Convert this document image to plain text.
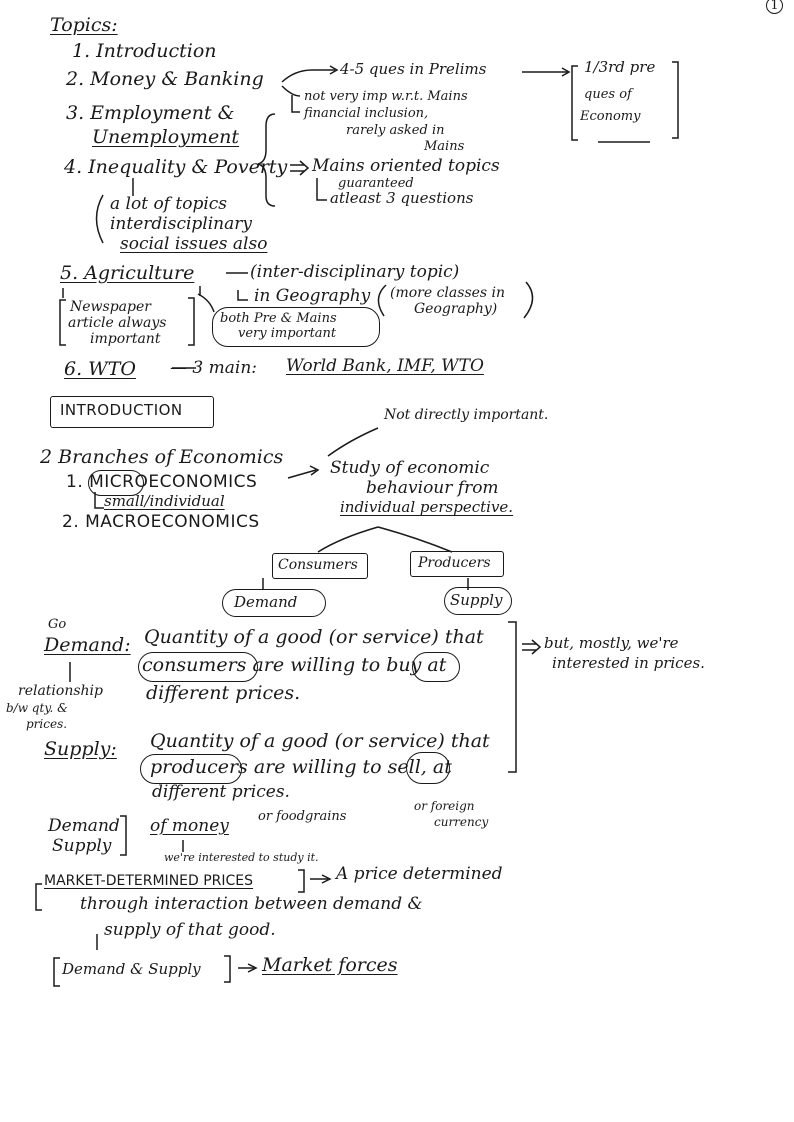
1
Topics:
1. Introduction
2. Money & Banking
3. Employment &
Unemployment
4. Inequality & Poverty
5. Agriculture
6. WTO
4-5 ques in Prelims	1/3rd pre
ques of
Economy
not very imp w.r.t. Mains
financial inclusion,
rarely asked in
Mains
Mains oriented topics
guaranteed
atleast 3 questions
a lot of topics
interdisciplinary
social issues also
(inter-disciplinary topic)
in Geography (more classes in
Geography)
both Pre & Mains
very important
Newspaper
article always
important
— 3 main: World Bank, IMF, WTO
INTRODUCTION	Not directly important.
2 Branches of Economics
1. MICROECONOMICS
small/individual
2. MACROECONOMICS
Study of economic
behaviour from
individual perspective.
Consumers	Producers
Demand	Supply
Go
Demand: Quantity of a good (or service) that
consumers are willing to buy at
different prices.
relationship
b/w qty. &
prices.
but, mostly, we're
interested in prices.
Supply: Quantity of a good (or service) that
producers are willing to sell, at
different prices.
Demand
Supply
of money or foodgrains
or foreign
currency
we're interested to study it.
MARKET-DETERMINED PRICES	A price determined
through interaction between demand &
supply of that good.
Demand & Supply	Market forces
